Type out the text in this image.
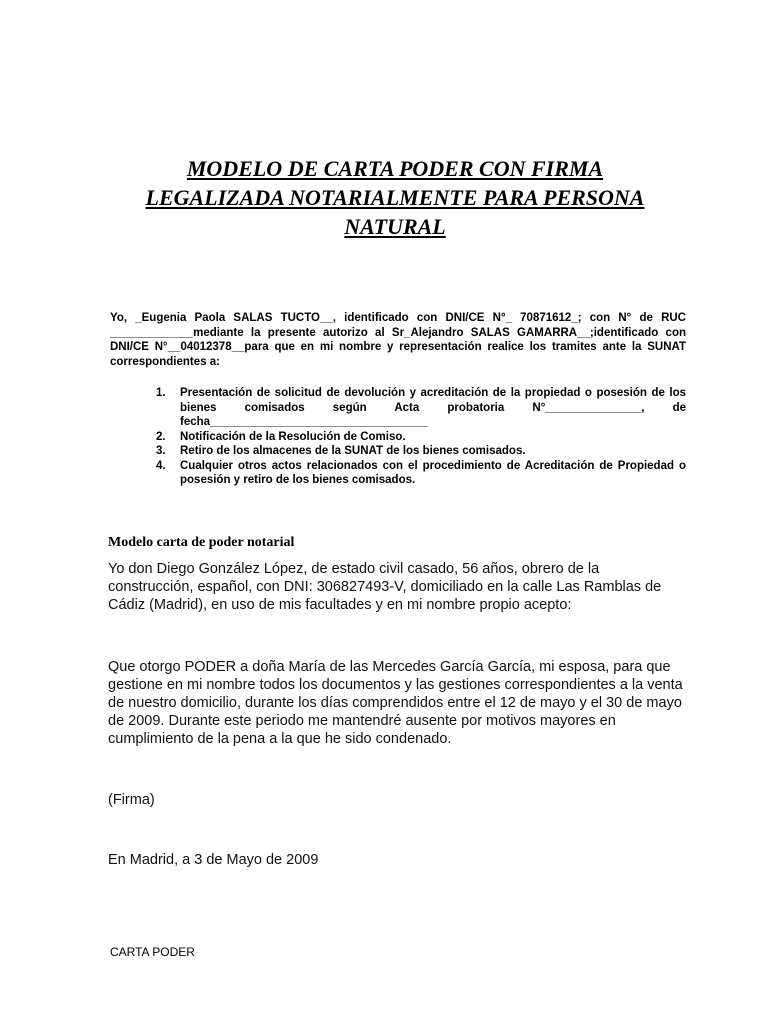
MODELO DE CARTA PODER CON FIRMA
LEGALIZADA NOTARIALMENTE PARA PERSONA
NATURAL

Yo, _Eugenia Paola SALAS TUCTO__, identificado con DNI/CE N°_ 70871612_; con N° de RUC _____________mediante la presente autorizo al Sr_Alejandro SALAS GAMARRA__;identificado con DNI/CE N°__04012378__para que en mi nombre y representación realice los tramites ante la SUNAT correspondientes a:

1. Presentación de solicitud de devolución y acreditación de la propiedad o posesión de los bienes comisados según Acta probatoria N°_______________, de fecha__________________________________
2. Notificación de la Resolución de Comiso.
3. Retiro de los almacenes de la SUNAT de los bienes comisados.
4. Cualquier otros actos relacionados con el procedimiento de Acreditación de Propiedad o posesión y retiro de los bienes comisados.

Modelo carta de poder notarial

Yo don Diego González López, de estado civil casado, 56 años, obrero de la construcción, español, con DNI: 306827493-V, domiciliado en la calle Las Ramblas de Cádiz (Madrid), en uso de mis facultades y en mi nombre propio acepto:

Que otorgo PODER a doña María de las Mercedes García García, mi esposa, para que gestione en mi nombre todos los documentos y las gestiones correspondientes a la venta de nuestro domicilio, durante los días comprendidos entre el 12 de mayo y el 30 de mayo de 2009. Durante este periodo me mantendré ausente por motivos mayores en cumplimiento de la pena a la que he sido condenado.

(Firma)

En Madrid, a 3 de Mayo de 2009

CARTA PODER
